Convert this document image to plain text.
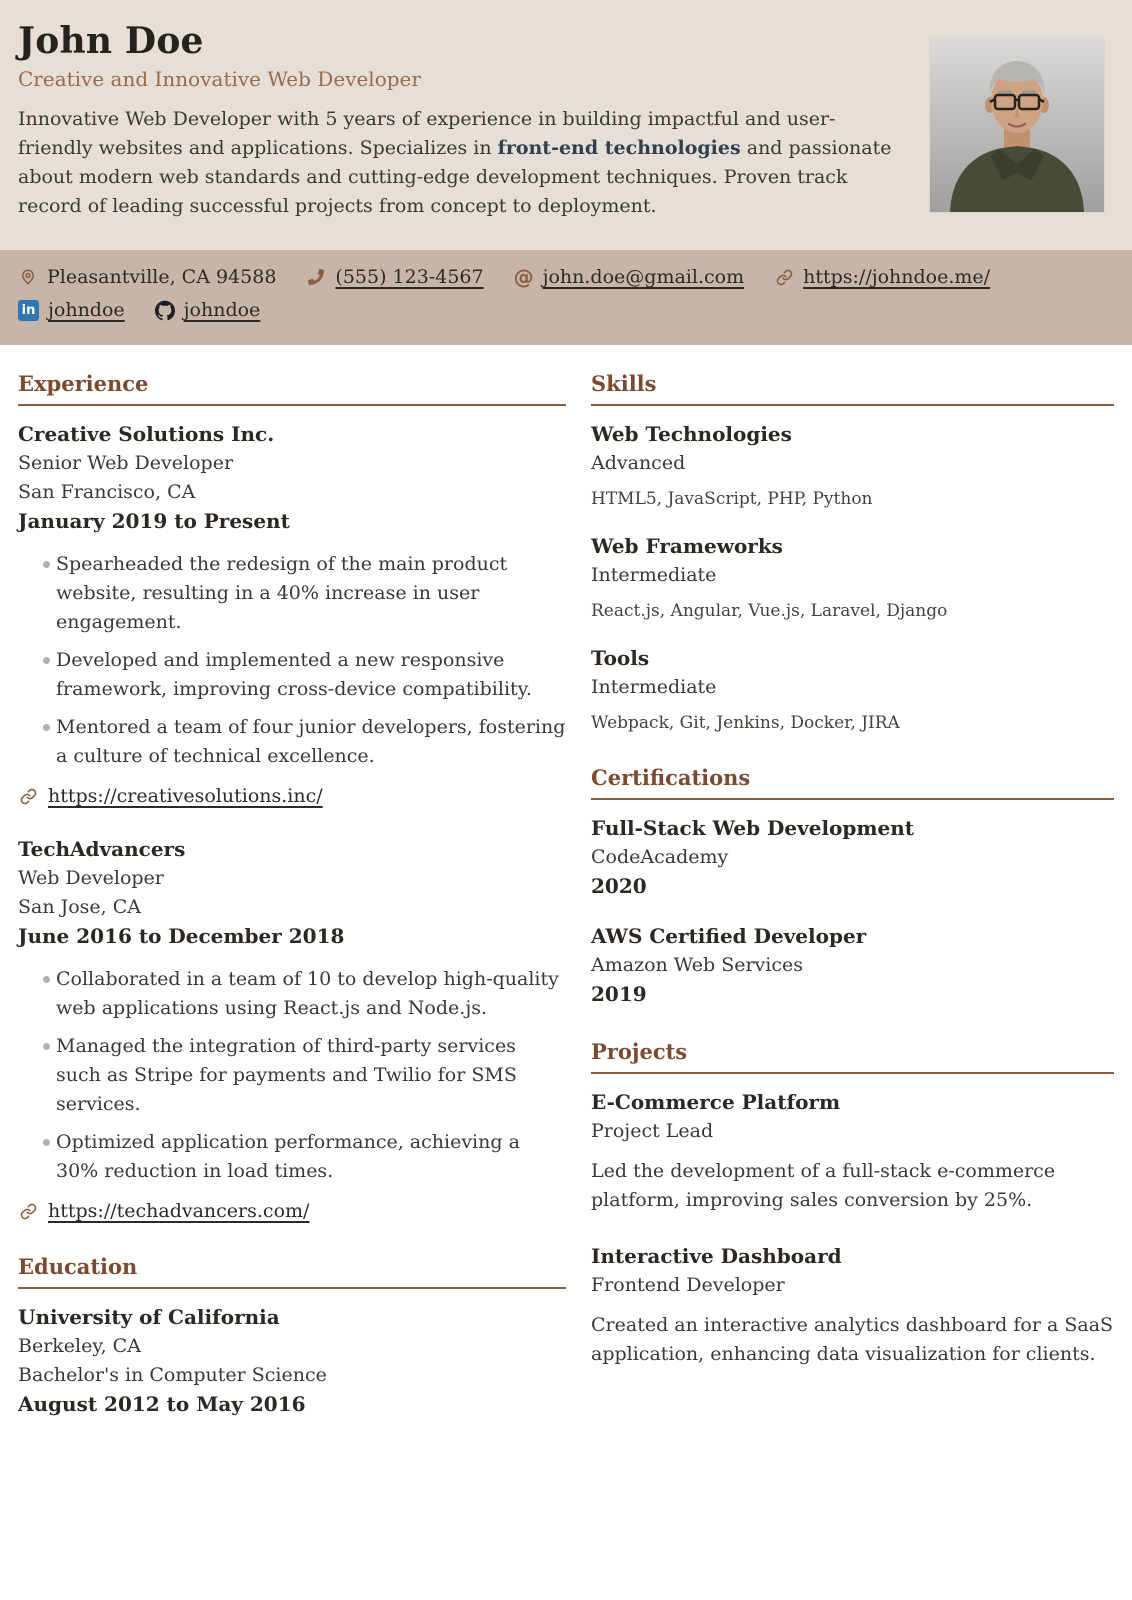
John Doe
Creative and Innovative Web Developer

Innovative Web Developer with 5 years of experience in building impactful and user-friendly websites and applications. Specializes in front-end technologies and passionate about modern web standards and cutting-edge development techniques. Proven track record of leading successful projects from concept to deployment.

Pleasantville, CA 94588	(555) 123-4567 @ john.doe@gmail.com	https://johndoe.me/
in johndoe	johndoe
Experience
Creative Solutions Inc.
Senior Web Developer
San Francisco, CA
January 2019 to Present
Spearheaded the redesign of the main product website, resulting in a 40% increase in user engagement.
Developed and implemented a new responsive framework, improving cross-device compatibility.
Mentored a team of four junior developers, fostering a culture of technical excellence.
https://creativesolutions.inc/
TechAdvancers
Web Developer
San Jose, CA
June 2016 to December 2018
Collaborated in a team of 10 to develop high-quality web applications using React.js and Node.js.
Managed the integration of third-party services such as Stripe for payments and Twilio for SMS services.
Optimized application performance, achieving a 30% reduction in load times.
https://techadvancers.com/
Education
University of California
Berkeley, CA
Bachelor's in Computer Science
August 2012 to May 2016
Skills
Web Technologies
Advanced
HTML5, JavaScript, PHP, Python
Web Frameworks
Intermediate
React.js, Angular, Vue.js, Laravel, Django
Tools
Intermediate
Webpack, Git, Jenkins, Docker, JIRA
Certifications
Full-Stack Web Development
CodeAcademy
2020
AWS Certified Developer
Amazon Web Services
2019
Projects
E-Commerce Platform
Project Lead

Led the development of a full-stack e-commerce platform, improving sales conversion by 25%.

Interactive Dashboard
Frontend Developer

Created an interactive analytics dashboard for a SaaS application, enhancing data visualization for clients.
